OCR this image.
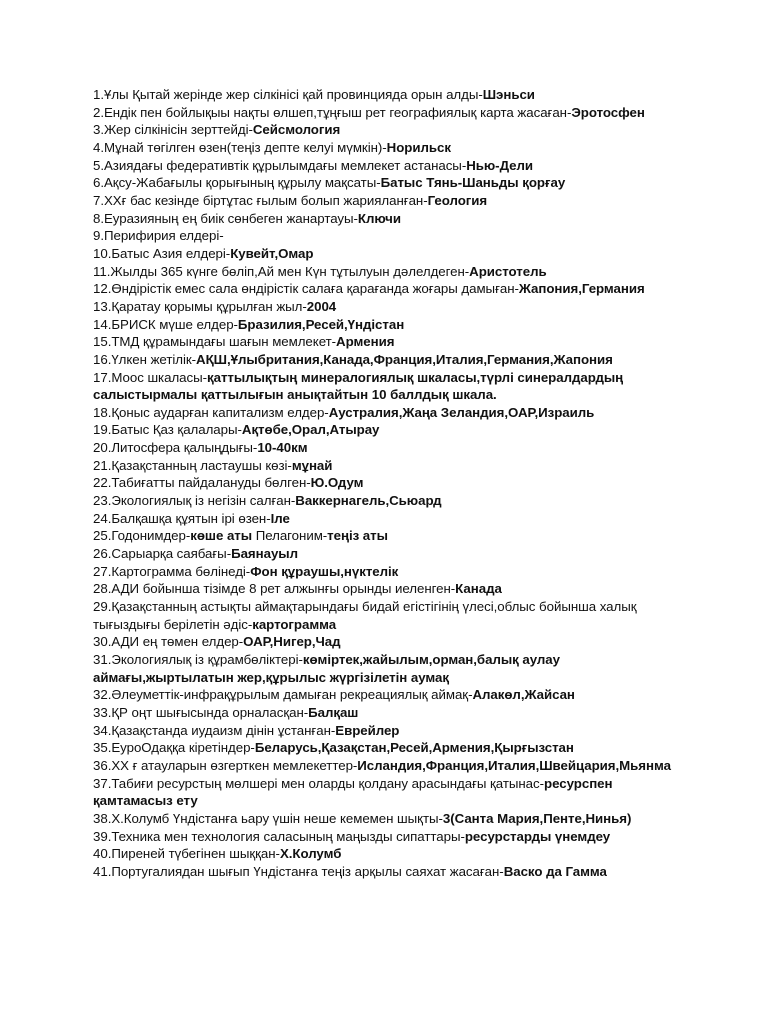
1.Ұлы Қытай жерінде жер сілкінісі қай провинцияда орын алды-Шэньси

2.Ендік пен бойлықыы нақты өлшеп,тұңғыш рет географиялық карта жасаған-Эротосфен

3.Жер сілкінісін зерттейді-Сейсмология

4.Мұнай төгілген өзен(теңіз дептe келуі мүмкін)-Норильск

5.Азиядағы федеративтік құрылымдағы мемлекет астанасы-Нью-Дели

6.Ақсу-Жабағылы қорығының құрылу мақсаты-Батыс Тянь-Шаньды қорғау

7.XXғ бас кезінде біртұтас ғылым болып жарияланған-Геология

8.Еуразияның ең биік сөнбеген жанартауы-Ключи

9.Перифирия елдері-

10.Батыс Азия елдері-Кувейт,Омар

11.Жылды 365 күнге бөліп,Ай мен Күн тұтылуын дәлелдеген-Аристотель

12.Өндірістік емес сала өндірістік салаға қарағанда жоғары дамыған-Жапония,Германия

13.Қаратау қорымы құрылған жыл-2004

14.БРИСК мүше елдер-Бразилия,Ресей,Үндістан

15.ТМД құрамындағы шағын мемлекет-Армения

16.Үлкен жетілік-АҚШ,Ұлыбритания,Канада,Франция,Италия,Германия,Жапония

17.Моос шкаласы-қаттылықтың минералогиялық шкаласы,түрлі синералдардың салыстырмалы қаттылығын анықтайтын 10 баллдық шкала.

18.Қоныс аударған капитализм елдер-Аустралия,Жаңа Зеландия,ОАР,Израиль

19.Батыс Қаз қалалары-Ақтөбе,Орал,Атырау

20.Литосфера қалыңдығы-10-40км

21.Қазақстанның ластаушы көзі-мұнай

22.Табиғатты пайдалануды бөлген-Ю.Одум

23.Экологиялық із негізін салған-Ваккернагель,Сьюард

24.Балқашқа құятын ірі өзен-Іле

25.Годонимдер-көше аты Пелагоним-теңіз аты

26.Сарыарқа саябағы-Баянауыл

27.Картограмма бөлінеді-Фон құраушы,нүктелік

28.АДИ бойынша тізімде 8 рет алжынғы орынды иеленген-Канада

29.Қазақстанның астықты аймақтарындағы бидай егістігінің үлесі,облыс бойынша халық тығыздығы берілетін әдіс-картограмма

30.АДИ ең төмен елдер-ОАР,Нигер,Чад

31.Экологиялық із құрамбөліктері-көміртек,жайылым,орман,балық аулау аймағы,жыртылатын жер,құрылыс жүргізілетін аумақ

32.Әлеуметтік-инфрақұрылым дамыған рекреациялық аймақ-Алакөл,Жайсан

33.ҚР оңт шығысында орналасқан-Балқаш

34.Қазақстанда иудаизм дінін ұстанған-Еврейлер

35.ЕуроОдаққа кіретіндер-Беларусь,Қазақстан,Ресей,Армения,Қырғызстан

36.XX ғ атауларын өзгерткен мемлекеттер-Исландия,Франция,Италия,Швейцария,Мьянма

37.Табиғи ресурстың мөлшері мен оларды қолдану арасындағы қатынас-ресурспен қамтамасыз ету

38.Х.Колумб Үндістанға ьару үшін неше кемемен шықты-3(Санта Мария,Пенте,Нинья)

39.Техника мен технология саласының маңызды сипаттары-ресурстарды үнемдеу

40.Пиреней түбегінен шыққан-Х.Колумб

41.Португалиядан шығып Үндістанға теңіз арқылы саяхат жасаған-Васко да Гамма
